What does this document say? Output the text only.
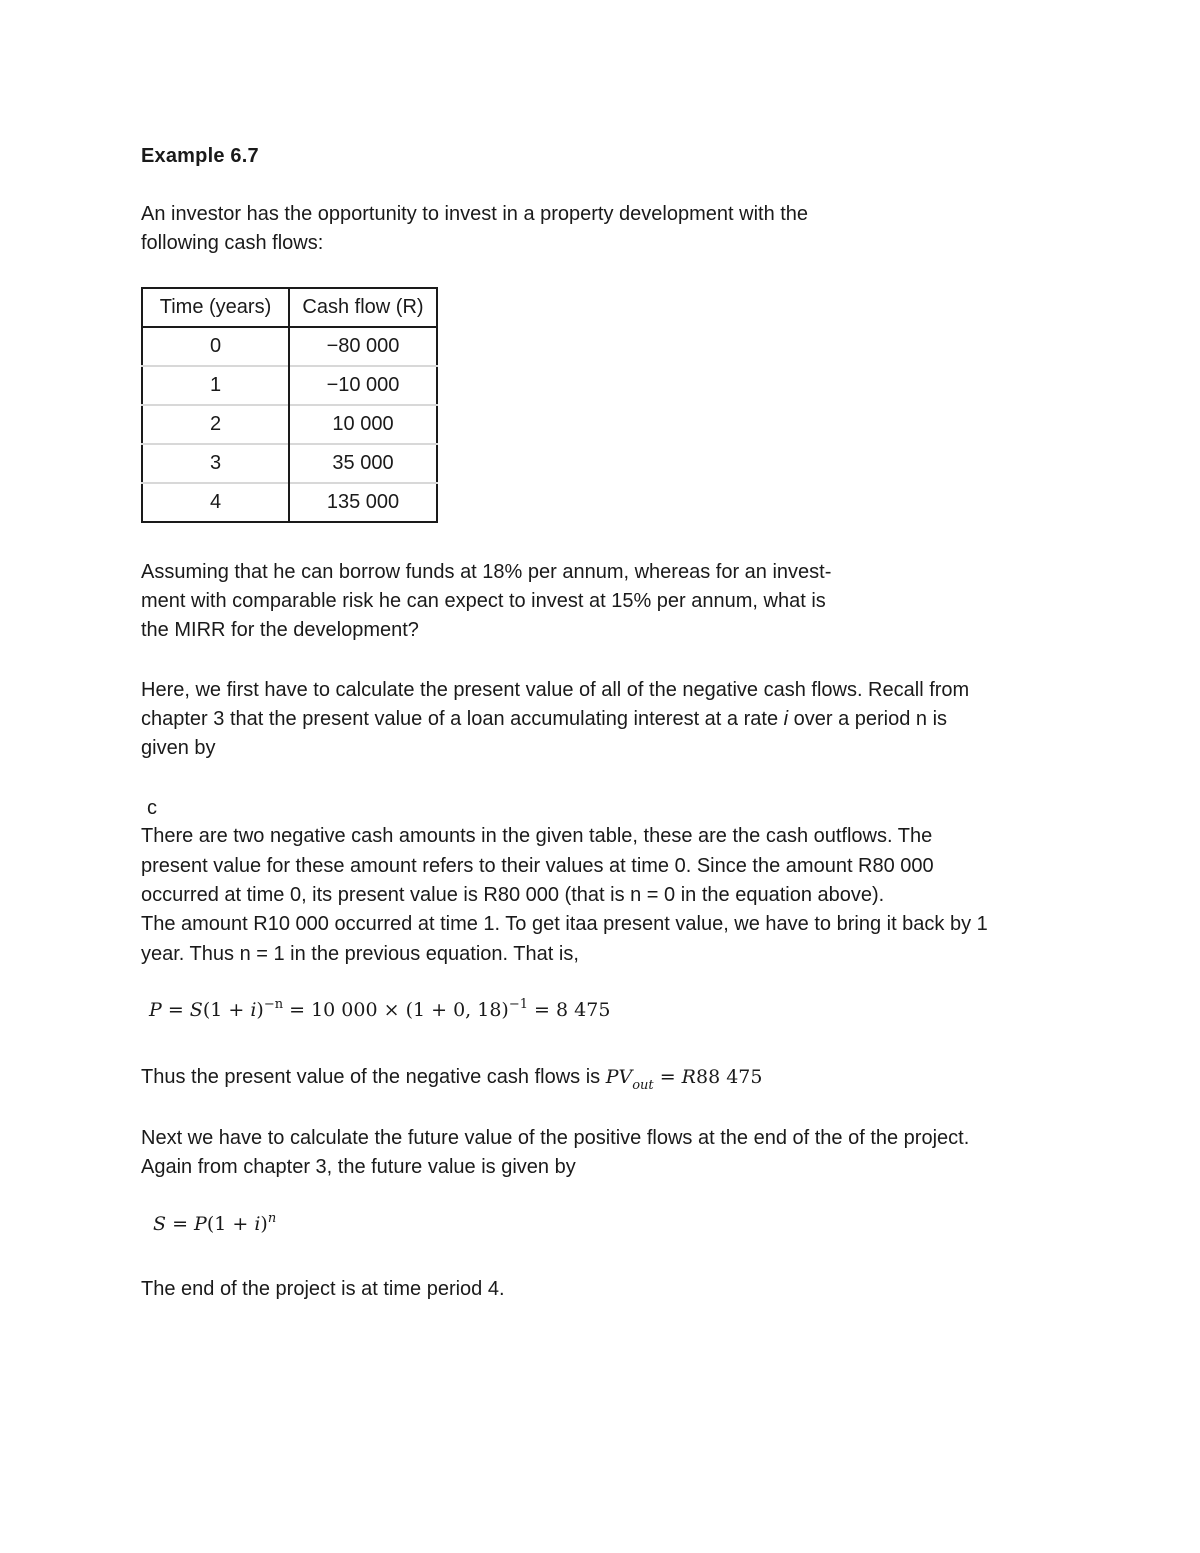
Example 6.7

An investor has the opportunity to invest in a property development with the

following cash flows:

Time (years)	Cash flow (R)
0	−80 000
1	−10 000
2	10 000
3	35 000
4	135 000

Assuming that he can borrow funds at 18% per annum, whereas for an invest-

ment with comparable risk he can expect to invest at 15% per annum, what is

the MIRR for the development?

Here, we first have to calculate the present value of all of the negative cash flows. Recall from

chapter 3 that the present value of a loan accumulating interest at a rate i over a period n is

given by

c

There are two negative cash amounts in the given table, these are the cash outflows. The

present value for these amount refers to their values at time 0. Since the amount R80 000

occurred at time 0, its present value is R80 000 (that is n = 0 in the equation above).

The amount R10 000 occurred at time 1. To get itaa present value, we have to bring it back by 1

year. Thus n = 1 in the previous equation. That is,

$P = S(1 + i)^{-n} = 10$ 000 × (1 + 0, 18)$^{-1}$ = 8 475

Thus the present value of the negative cash flows is $PV_{out} = R88$ 475

Next we have to calculate the future value of the positive flows at the end of the of the project.

Again from chapter 3, the future value is given by

$S = P(1 + i)^n$

The end of the project is at time period 4.
